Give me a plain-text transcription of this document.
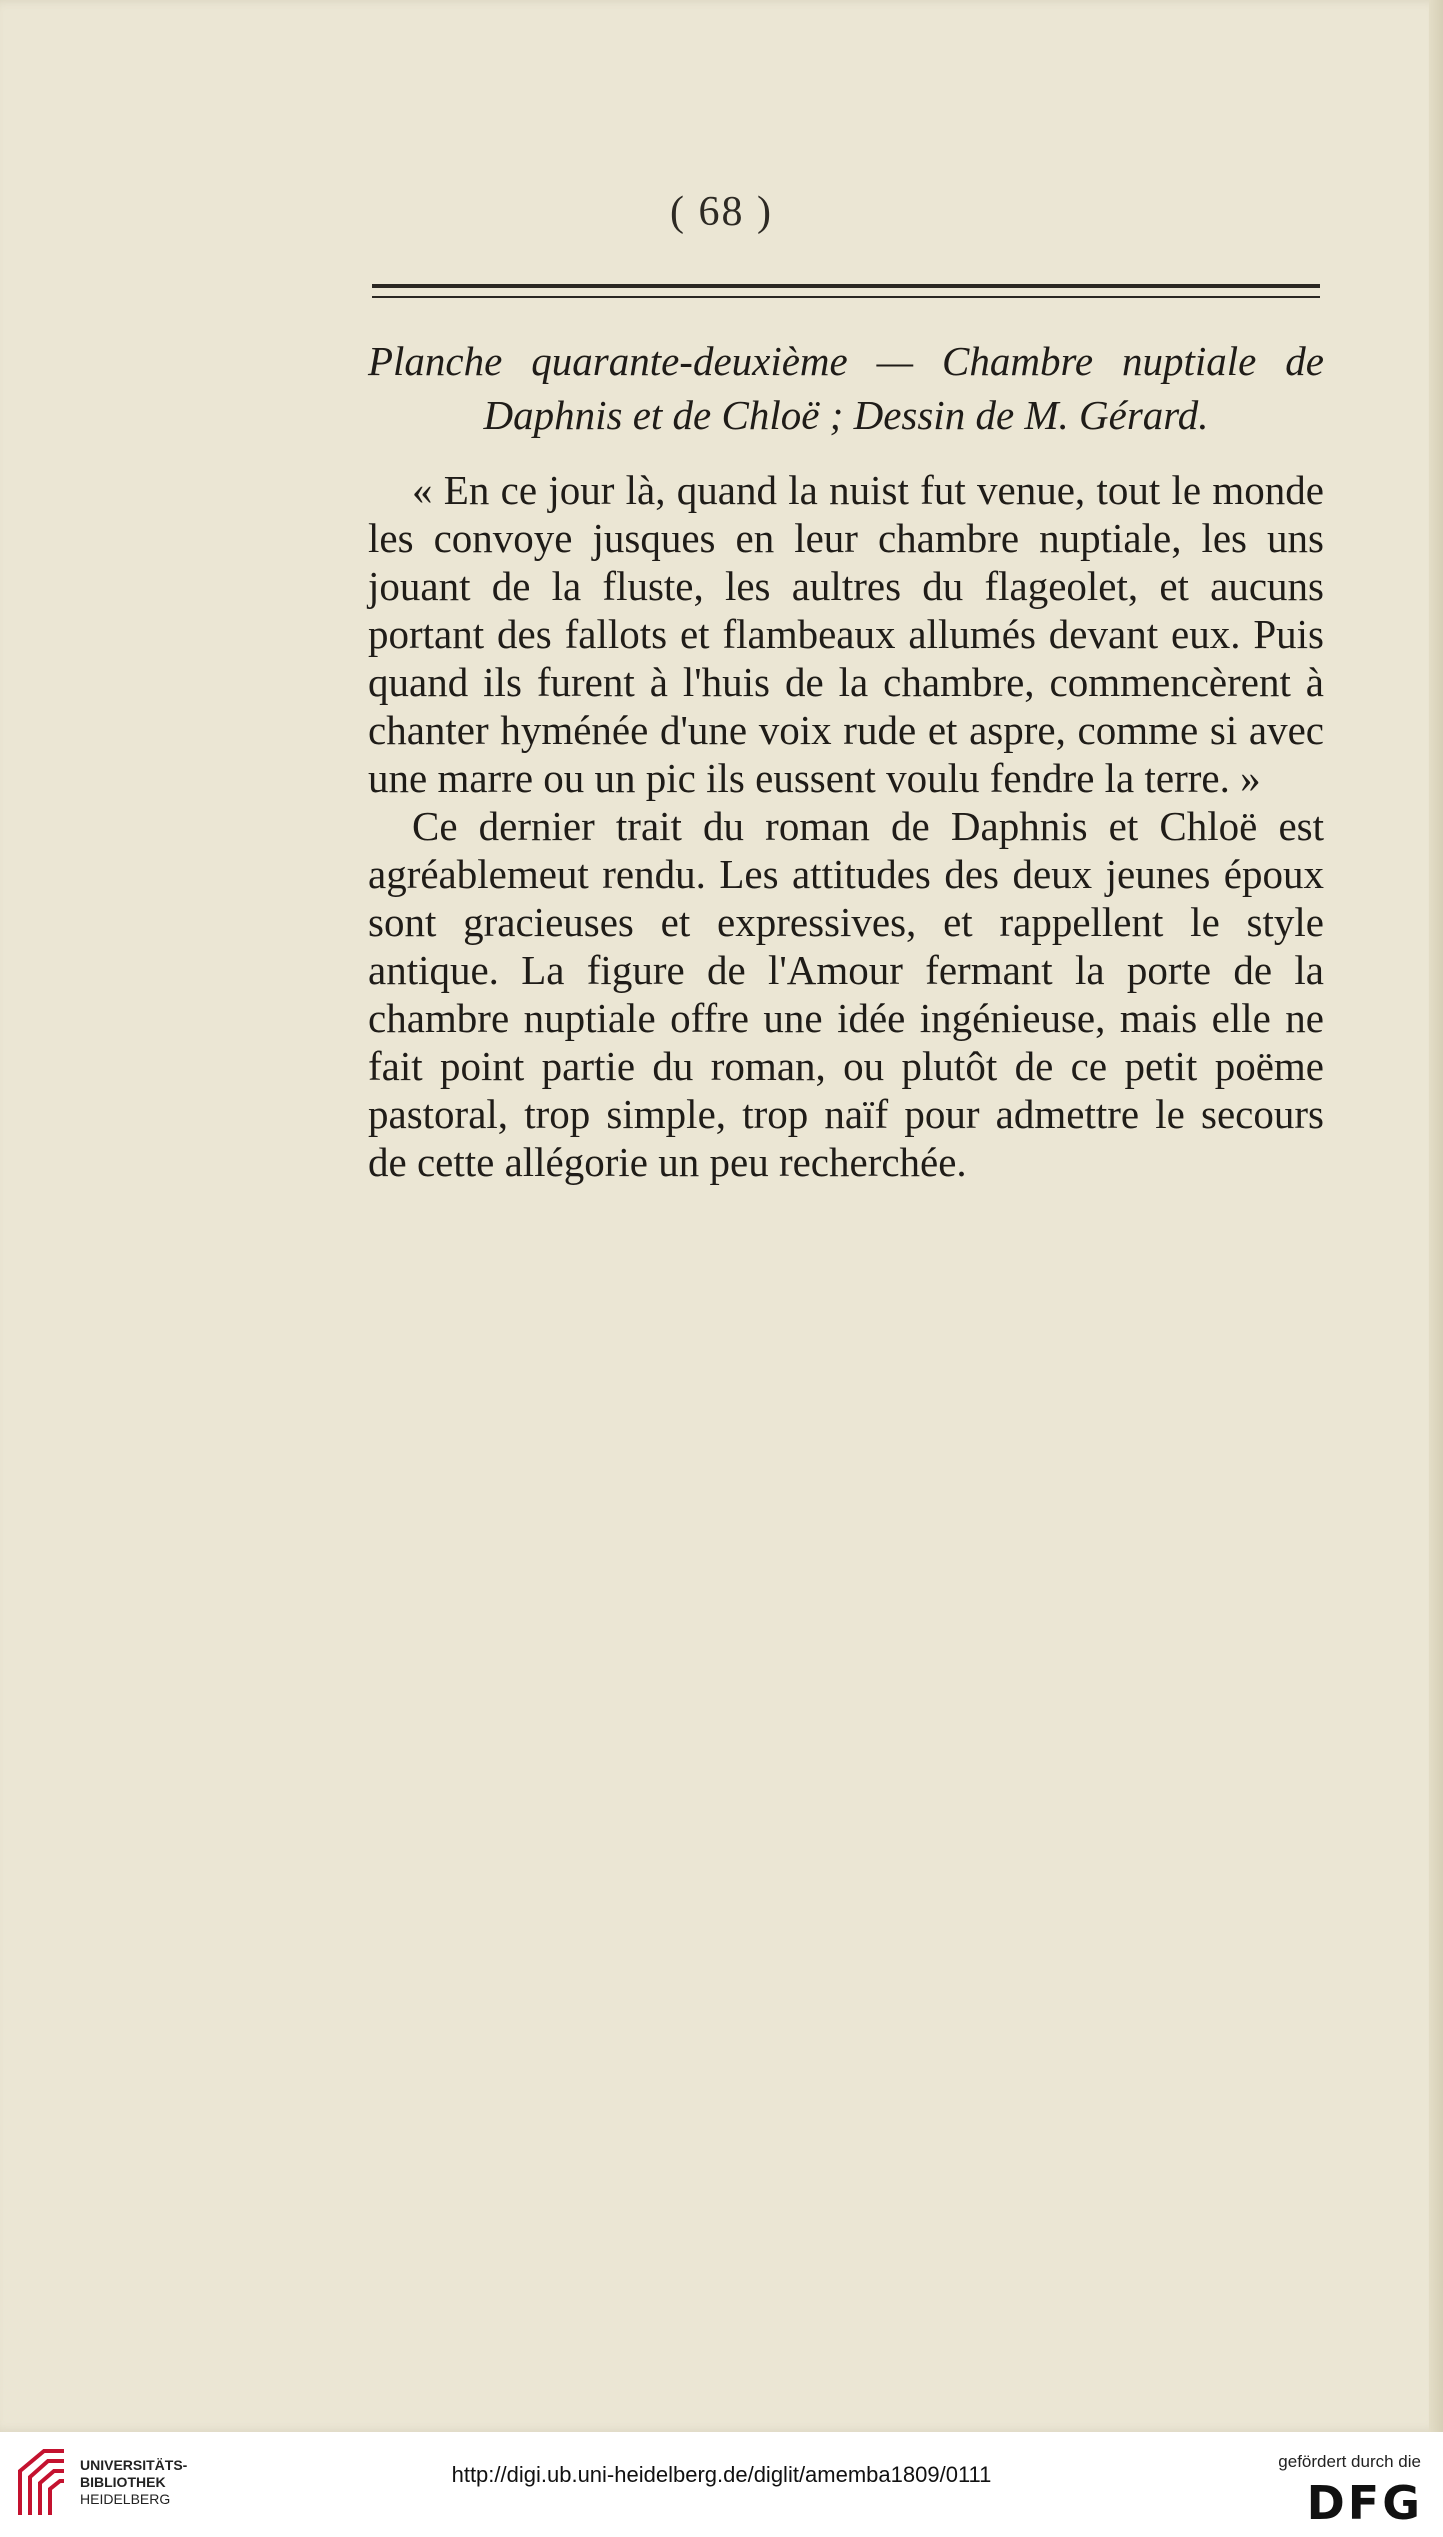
( 68 )
Planche quarante-deuxième — Chambre nuptiale de
Daphnis et de Chloë ; Dessin de M. Gérard.

« En ce jour là, quand la nuist fut venue, tout le monde les convoye jusques en leur chambre nuptiale, les uns jouant de la fluste, les aultres du flageolet, et aucuns portant des fallots et flambeaux allumés devant eux. Puis quand ils furent à l'huis de la chambre, commencèrent à chanter hyménée d'une voix rude et aspre, comme si avec une marre ou un pic ils eussent voulu fendre la terre. »

Ce dernier trait du roman de Daphnis et Chloë est agréablemeut rendu. Les attitudes des deux jeunes époux sont gracieuses et expressives, et rappellent le style antique. La figure de l'Amour fermant la porte de la chambre nuptiale offre une idée ingénieuse, mais elle ne fait point partie du roman, ou plutôt de ce petit poëme pastoral, trop simple, trop naïf pour admettre le secours de cette allégorie un peu recherchée.

UNIVERSITÄTS-
BIBLIOTHEK
HEIDELBERG
http://digi.ub.uni-heidelberg.de/diglit/amemba1809/0111
gefördert durch die
DFG
